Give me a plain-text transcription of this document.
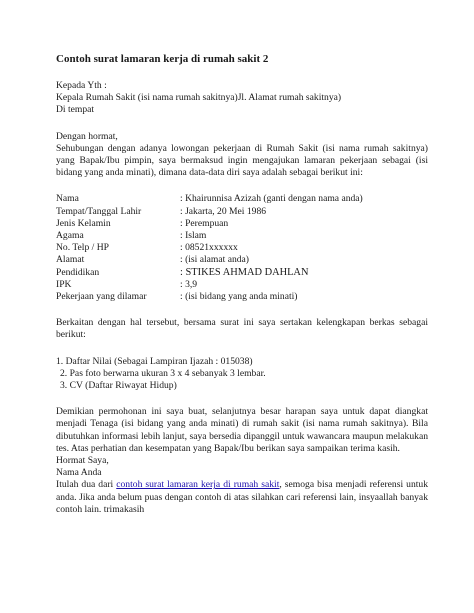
Contoh surat lamaran kerja di rumah sakit 2

Kepada Yth :

Kepala Rumah Sakit (isi nama rumah sakitnya)Jl. Alamat rumah sakitnya)

Di tempat

Dengan hormat,

Sehubungan dengan adanya lowongan pekerjaan di Rumah Sakit (isi nama rumah sakitnya) yang Bapak/Ibu pimpin, saya bermaksud ingin mengajukan lamaran pekerjaan sebagai (isi bidang yang anda minati), dimana data-data diri saya adalah sebagai berikut ini:

Nama	: Khairunnisa Azizah (ganti dengan nama anda)
Tempat/Tanggal Lahir	: Jakarta, 20 Mei 1986
Jenis Kelamin	: Perempuan
Agama	: Islam
No. Telp / HP	: 08521xxxxxx
Alamat	: (isi alamat anda)
Pendidikan	: STIKES AHMAD DAHLAN
IPK	: 3,9
Pekerjaan yang dilamar	: (isi bidang yang anda minati)

Berkaitan dengan hal tersebut, bersama surat ini saya sertakan kelengkapan berkas sebagai berikut:

1. Daftar Nilai (Sebagai Lampiran Ijazah : 015038)

2. Pas foto berwarna ukuran 3 x 4 sebanyak 3 lembar.

3. CV (Daftar Riwayat Hidup)

Demikian permohonan ini saya buat, selanjutnya besar harapan saya untuk dapat diangkat menjadi Tenaga (isi bidang yang anda minati) di rumah sakit (isi nama rumah sakitnya). Bila dibutuhkan informasi lebih lanjut, saya bersedia dipanggil untuk wawancara maupun melakukan tes. Atas perhatian dan kesempatan yang Bapak/Ibu berikan saya sampaikan terima kasih.

Hormat Saya,

Nama Anda

Itulah dua dari contoh surat lamaran kerja di rumah sakit, semoga bisa menjadi referensi untuk anda. Jika anda belum puas dengan contoh di atas silahkan cari referensi lain, insyaallah banyak contoh lain. trimakasih
